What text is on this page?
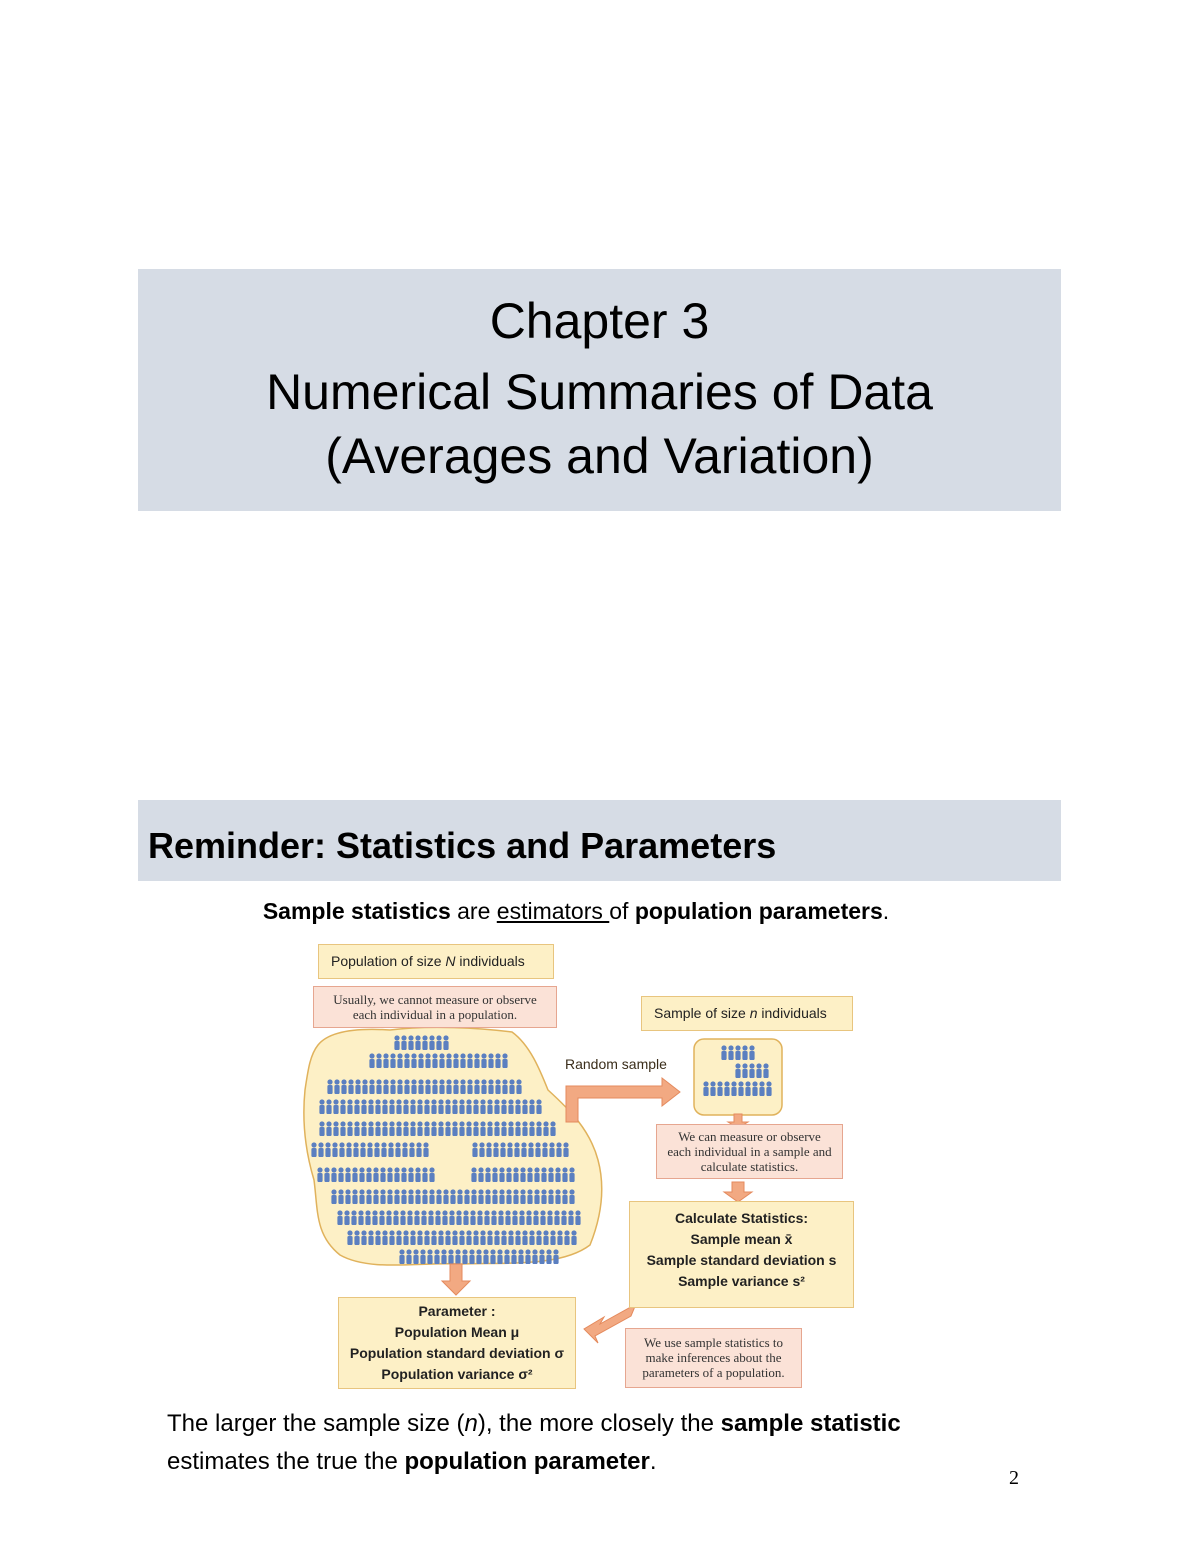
Chapter 3
Numerical Summaries of Data
(Averages and Variation)
Reminder: Statistics and Parameters
Sample statistics are estimators of population parameters.
Population of size N individuals
Usually, we cannot measure or observe each individual in a population.	Sample of size n individuals
Random sample
We can measure or observe each individual in a sample and calculate statistics.
Calculate Statistics:
Sample mean x̄
Sample standard deviation s
Sample variance s²
Parameter :
Population Mean μ
Population standard deviation σ
Population variance σ²
We use sample statistics to make inferences about the parameters of a population.
The larger the sample size (n), the more closely the sample statistic
estimates the true the population parameter.
2
